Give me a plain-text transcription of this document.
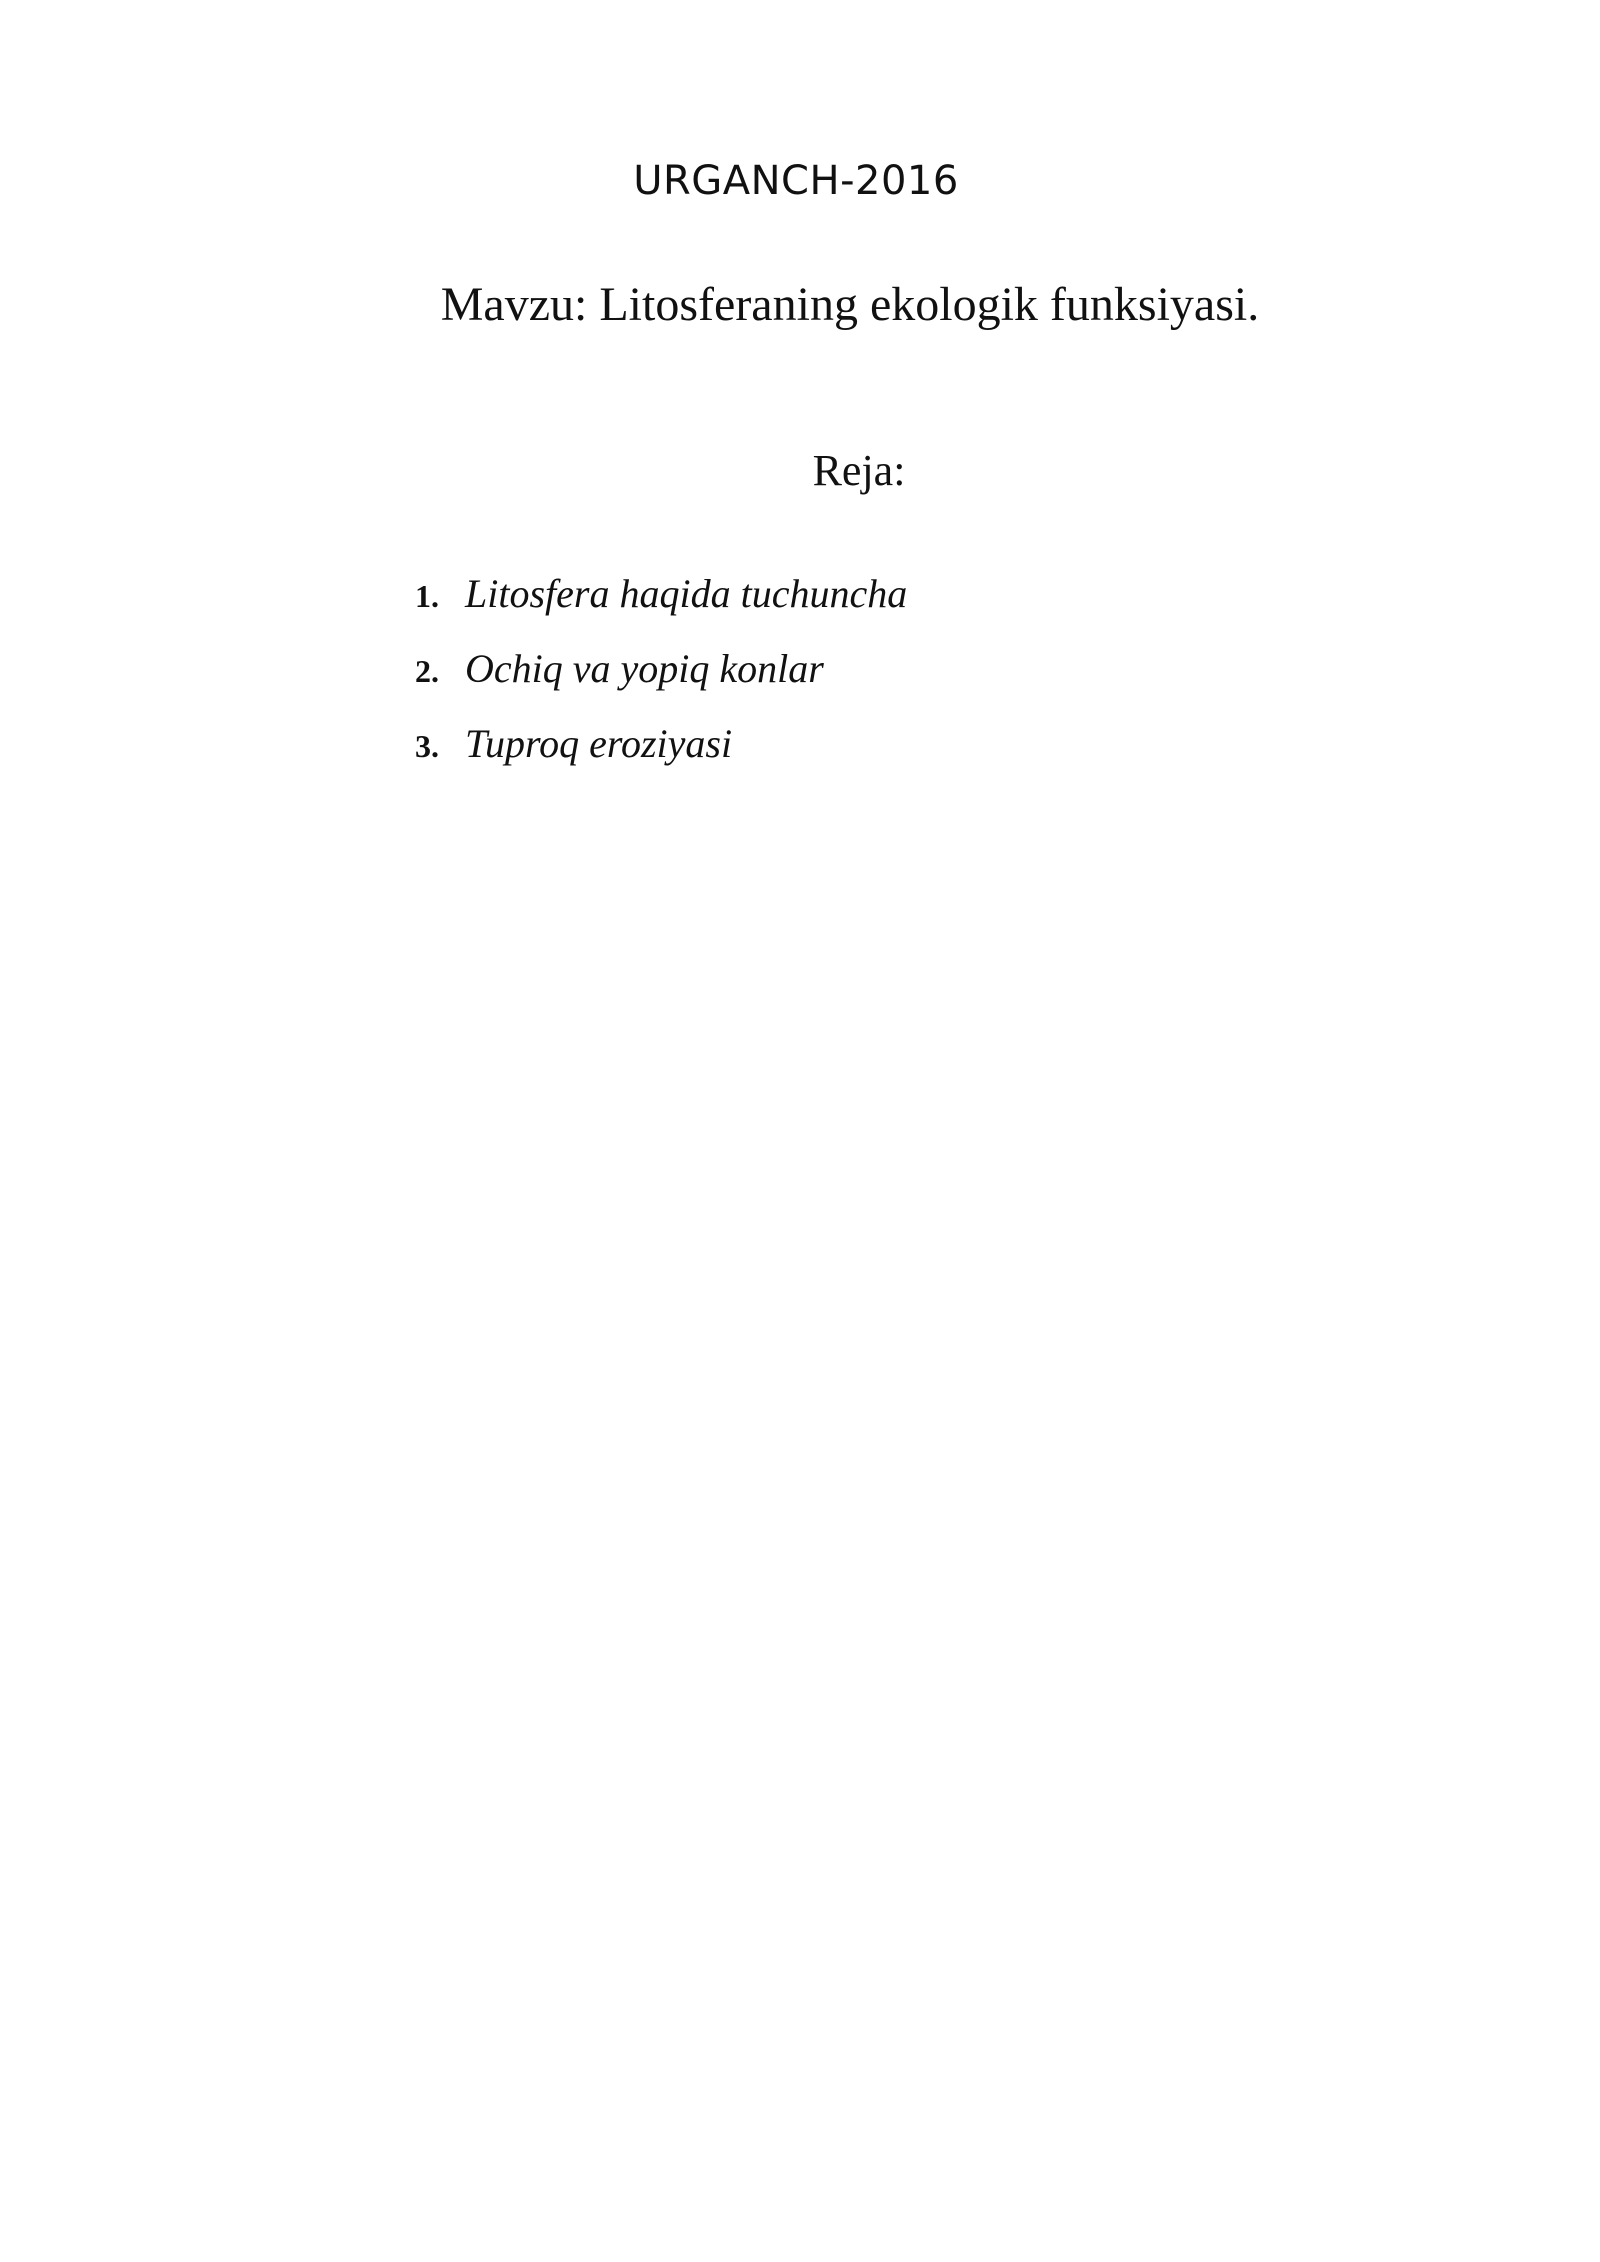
URGANCH-2016
Mavzu: Litosferaning ekologik funksiyasi.
Reja:
1. Litosfera haqida tuchuncha
2. Ochiq va yopiq konlar
3. Tuproq eroziyasi
